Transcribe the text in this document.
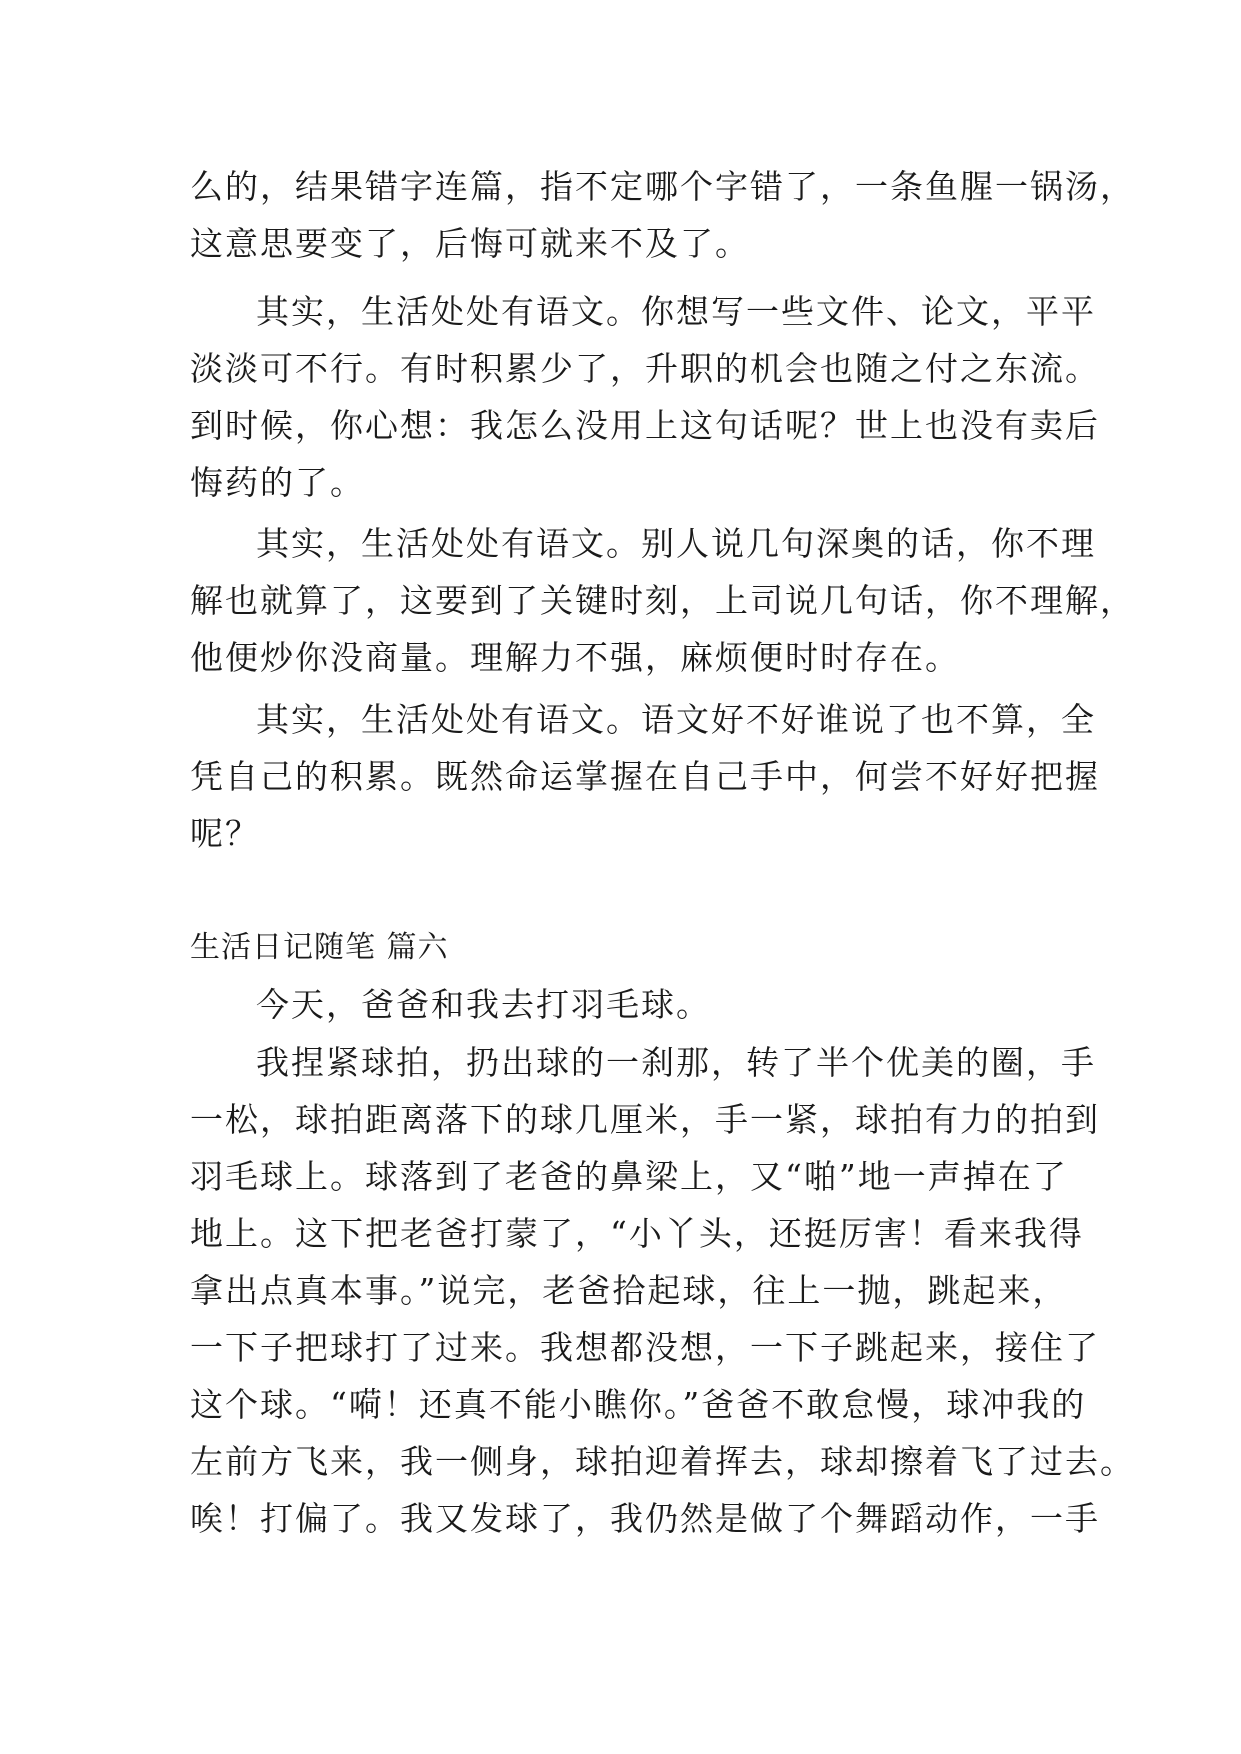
么的，结果错字连篇，指不定哪个字错了，一条鱼腥一锅汤，
这意思要变了，后悔可就来不及了。
其实，生活处处有语文。你想写一些文件、论文，平平
淡淡可不行。有时积累少了，升职的机会也随之付之东流。
到时候，你心想：我怎么没用上这句话呢？世上也没有卖后
悔药的了。
其实，生活处处有语文。别人说几句深奥的话，你不理
解也就算了，这要到了关键时刻，上司说几句话，你不理解，
他便炒你没商量。理解力不强，麻烦便时时存在。
其实，生活处处有语文。语文好不好谁说了也不算，全
凭自己的积累。既然命运掌握在自己手中，何尝不好好把握
呢？
生活日记随笔 篇六
今天，爸爸和我去打羽毛球。
我捏紧球拍，扔出球的一刹那，转了半个优美的圈，手
一松，球拍距离落下的球几厘米，手一紧，球拍有力的拍到
羽毛球上。球落到了老爸的鼻梁上，又“啪”地一声掉在了
地上。这下把老爸打蒙了，“小丫头，还挺厉害！看来我得
拿出点真本事。”说完，老爸拾起球，往上一抛，跳起来，
一下子把球打了过来。我想都没想，一下子跳起来，接住了
这个球。“嗬！还真不能小瞧你。”爸爸不敢怠慢，球冲我的
左前方飞来，我一侧身，球拍迎着挥去，球却擦着飞了过去。
唉！打偏了。我又发球了，我仍然是做了个舞蹈动作，一手
